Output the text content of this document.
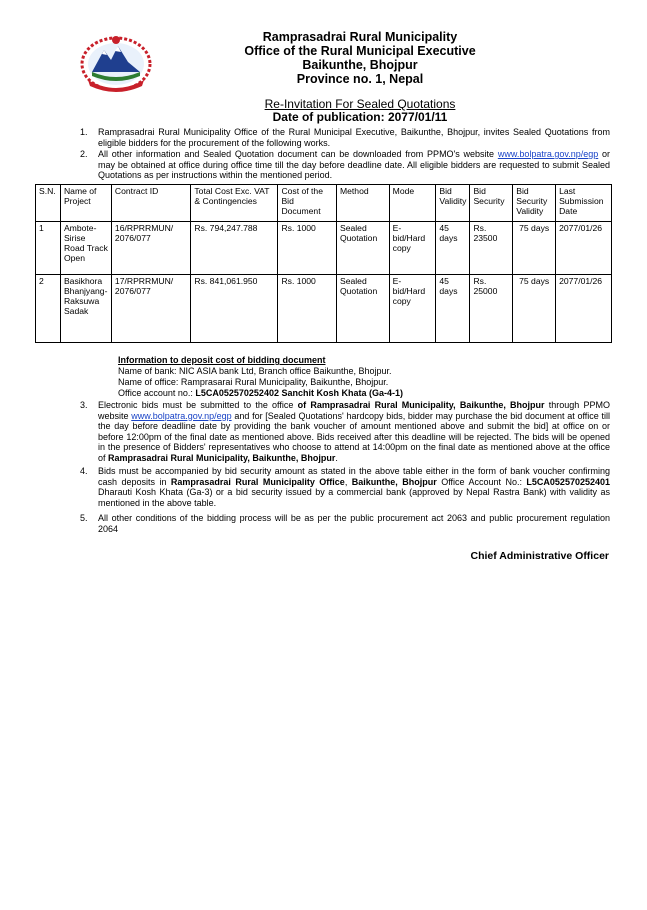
Ramprasadrai Rural Municipality
Office of the Rural Municipal Executive
Baikunthe, Bhojpur
Province no. 1, Nepal
Re-Invitation For Sealed Quotations
Date of publication: 2077/01/11
1. Ramprasadrai Rural Municipality Office of the Rural Municipal Executive, Baikunthe, Bhojpur, invites Sealed Quotations from eligible bidders for the procurement of the following works.
2. All other information and Sealed Quotation document can be downloaded from PPMO's website www.bolpatra.gov.np/egp or may be obtained at office during office time till the day before deadline date. All eligible bidders are requested to submit Sealed Quotations as per instructions within the mentioned period.
S.N.	Name of Project	Contract ID	Total Cost Exc. VAT & Contingencies	Cost of the Bid Document	Method	Mode	Bid Validity	Bid Security	Bid Security Validity	Last Submission Date
1	Ambote-Sirise Road Track Open	16/RPRRMUN/ 2076/077	Rs. 794,247.788	Rs. 1000	Sealed Quotation	E-bid/Hard copy	45 days	Rs. 23500	75 days	2077/01/26
2	Basikhora Bhanjyang-Raksuwa Sadak	17/RPRRMUN/ 2076/077	Rs. 841,061.950	Rs. 1000	Sealed Quotation	E-bid/Hard copy	45 days	Rs. 25000	75 days	2077/01/26
Information to deposit cost of bidding document
Name of bank: NIC ASIA bank Ltd, Branch office Baikunthe, Bhojpur.
Name of office: Ramprasarai Rural Municipality, Baikunthe, Bhojpur.
Office account no.: L5CA052570252402 Sanchit Kosh Khata (Ga-4-1)
3. Electronic bids must be submitted to the office of Ramprasadrai Rural Municipality, Baikunthe, Bhojpur through PPMO website www.bolpatra.gov.np/egp and for [Sealed Quotations' hardcopy bids, bidder may purchase the bid document at office till the day before deadline date by providing the bank voucher of amount mentioned above and submit the bid] at office on or before 12:00pm of the final date as mentioned above. Bids received after this deadline will be rejected. The bids will be opened in the presence of Bidders' representatives who choose to attend at 14:00pm on the final date as mentioned above at the office of Ramprasadrai Rural Municipality, Baikunthe, Bhojpur.
4. Bids must be accompanied by bid security amount as stated in the above table either in the form of bank voucher confirming cash deposits in Ramprasadrai Rural Municipality Office, Baikunthe, Bhojpur Office Account No.: L5CA052570252401 Dharauti Kosh Khata (Ga-3) or a bid security issued by a commercial bank (approved by Nepal Rastra Bank) with validity as mentioned in the above table.
5. All other conditions of the bidding process will be as per the public procurement act 2063 and public procurement regulation 2064
Chief Administrative Officer
